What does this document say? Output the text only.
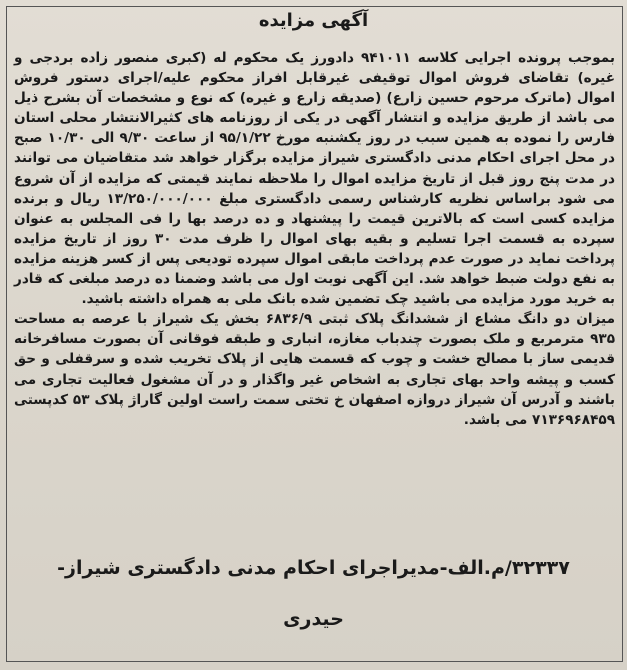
آگهی مزایده

بموجب پرونده اجرایی کلاسه ۹۴۱۰۱۱ دادورز یک محکوم له (کبری منصور زاده بردجی و غیره) تقاضای فروش اموال توقیفی غیرقابل افراز محکوم علیه/اجرای دستور فروش اموال (ماترک مرحوم حسین زارع) (صدیقه زارع و غیره) که نوع و مشخصات آن بشرح ذیل می باشد از طریق مزایده و انتشار آگهی در یکی از روزنامه های کثیرالانتشار محلی استان فارس را نموده به همین سبب در روز یکشنبه مورخ ۹۵/۱/۲۲ از ساعت ۹/۳۰ الی ۱۰/۳۰ صبح در محل اجرای احکام مدنی دادگستری شیراز مزایده برگزار خواهد شد متقاضیان می توانند در مدت پنج روز قبل از تاریخ مزایده اموال را ملاحظه نمایند قیمتی که مزایده از آن شروع می شود براساس نظریه کارشناس رسمی دادگستری مبلغ ۱۳/۲۵۰/۰۰۰/۰۰۰ ریال و برنده مزایده کسی است که بالاترین قیمت را پیشنهاد و ده درصد بها را فی المجلس به عنوان سپرده به قسمت اجرا تسلیم و بقیه بهای اموال را ظرف مدت ۳۰ روز از تاریخ مزایده پرداخت نماید در صورت عدم پرداخت مابقی اموال سپرده تودیعی پس از کسر هزینه مزایده به نفع دولت ضبط خواهد شد. این آگهی نوبت اول می باشد وضمنا ده درصد مبلغی که قادر به خرید مورد مزایده می باشید چک تضمین شده بانک ملی به همراه داشته باشید.

میزان دو دانگ مشاع از ششدانگ پلاک ثبتی ۶۸۳۶/۹ بخش یک شیراز با عرصه به مساحت ۹۳۵ مترمربع و ملک بصورت چندباب مغازه، انباری و طبقه فوقانی آن بصورت مسافرخانه قدیمی ساز با مصالح خشت و چوب که قسمت هایی از پلاک تخریب شده و سرقفلی و حق کسب و پیشه واحد بهای تجاری به اشخاص غیر واگذار و در آن مشغول فعالیت تجاری می باشند و آدرس آن شیراز دروازه اصفهان خ تختی سمت راست اولین گاراژ پلاک ۵۳ کدپستی ۷۱۳۶۹۶۸۴۵۹ می باشد.

۳۲۳۳۷/م.الف-مدیراجرای احکام مدنی دادگستری شیراز-
حیدری
